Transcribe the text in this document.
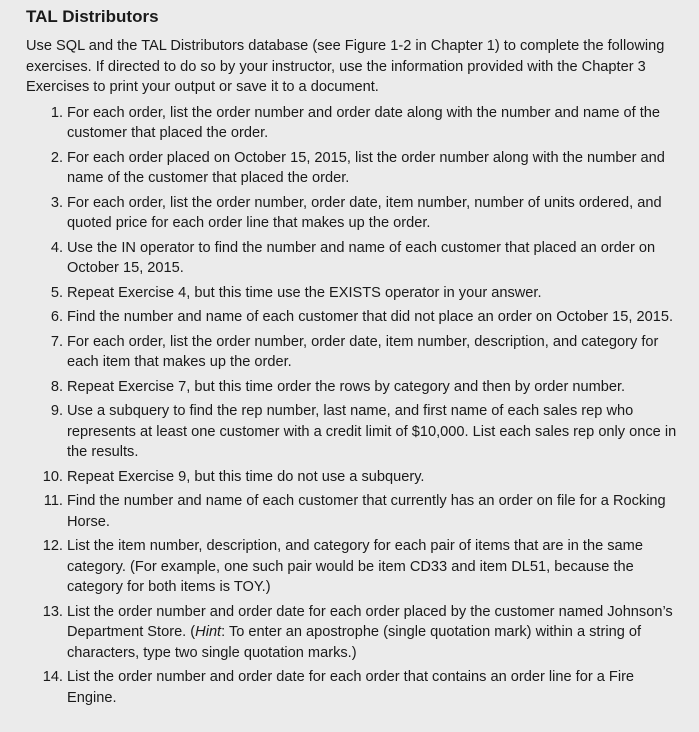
TAL Distributors
Use SQL and the TAL Distributors database (see Figure 1-2 in Chapter 1) to complete the following exercises. If directed to do so by your instructor, use the information provided with the Chapter 3 Exercises to print your output or save it to a document.
1. For each order, list the order number and order date along with the number and name of the customer that placed the order.
2. For each order placed on October 15, 2015, list the order number along with the number and name of the customer that placed the order.
3. For each order, list the order number, order date, item number, number of units ordered, and quoted price for each order line that makes up the order.
4. Use the IN operator to find the number and name of each customer that placed an order on October 15, 2015.
5. Repeat Exercise 4, but this time use the EXISTS operator in your answer.
6. Find the number and name of each customer that did not place an order on October 15, 2015.
7. For each order, list the order number, order date, item number, description, and category for each item that makes up the order.
8. Repeat Exercise 7, but this time order the rows by category and then by order number.
9. Use a subquery to find the rep number, last name, and first name of each sales rep who represents at least one customer with a credit limit of $10,000. List each sales rep only once in the results.
10. Repeat Exercise 9, but this time do not use a subquery.
11. Find the number and name of each customer that currently has an order on file for a Rocking Horse.
12. List the item number, description, and category for each pair of items that are in the same category. (For example, one such pair would be item CD33 and item DL51, because the category for both items is TOY.)
13. List the order number and order date for each order placed by the customer named Johnson’s Department Store. (Hint: To enter an apostrophe (single quotation mark) within a string of characters, type two single quotation marks.)
14. List the order number and order date for each order that contains an order line for a Fire Engine.
